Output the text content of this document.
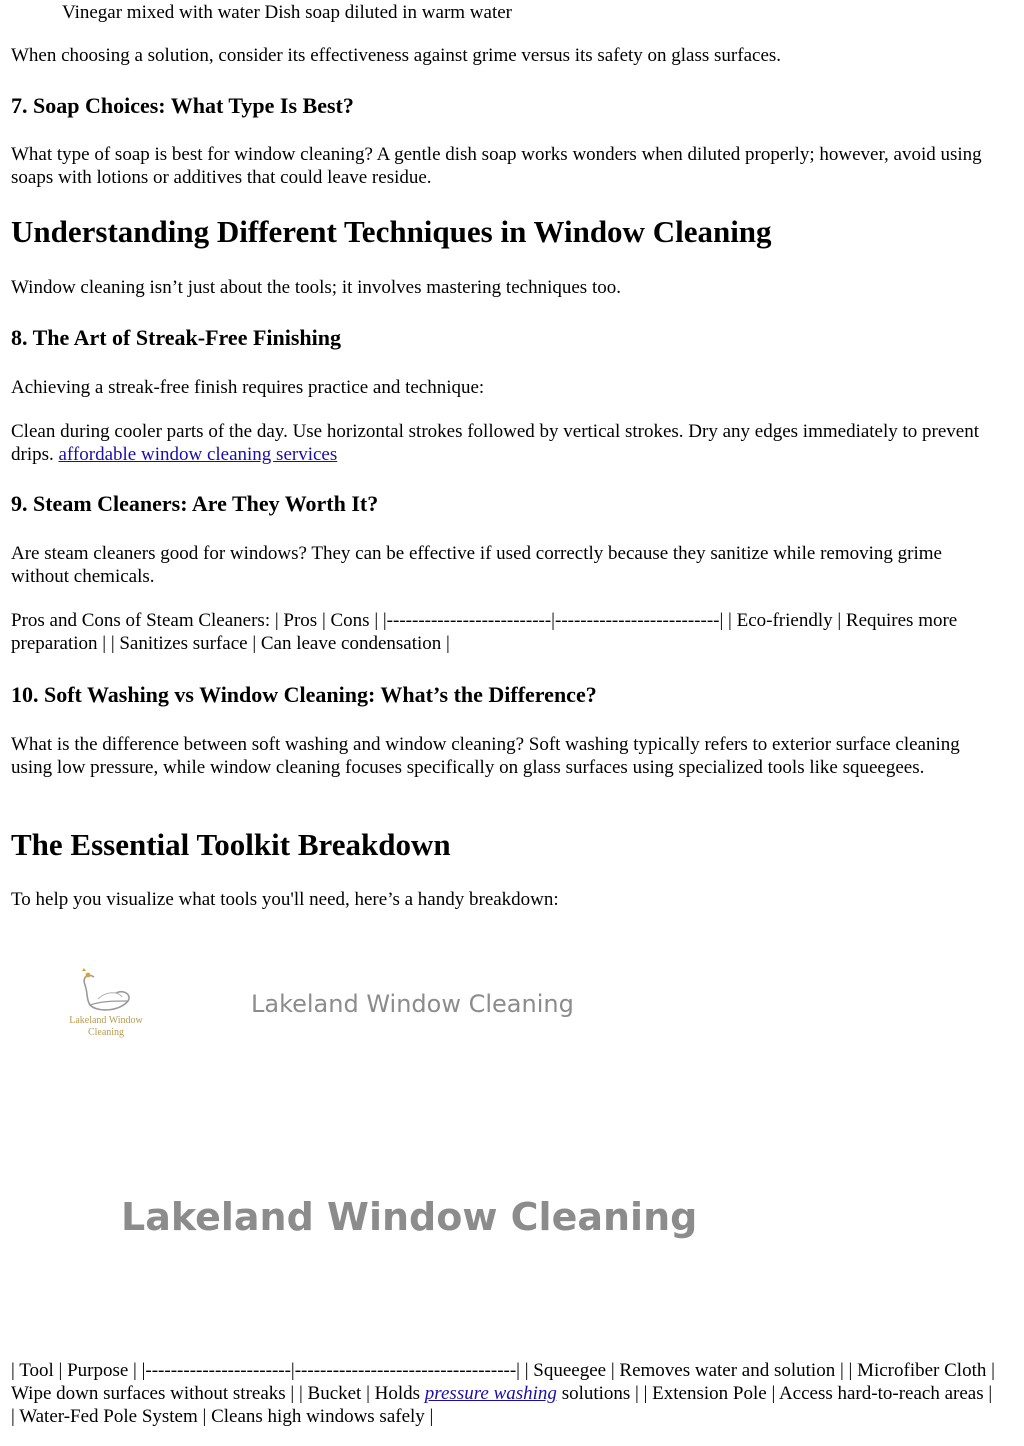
Vinegar mixed with water Dish soap diluted in warm water

When choosing a solution, consider its effectiveness against grime versus its safety on glass surfaces.

7. Soap Choices: What Type Is Best?

What type of soap is best for window cleaning? A gentle dish soap works wonders when diluted properly; however, avoid using soaps with lotions or additives that could leave residue.

Understanding Different Techniques in Window Cleaning

Window cleaning isn’t just about the tools; it involves mastering techniques too.

8. The Art of Streak-Free Finishing

Achieving a streak-free finish requires practice and technique:

Clean during cooler parts of the day. Use horizontal strokes followed by vertical strokes. Dry any edges immediately to prevent drips. affordable window cleaning services

9. Steam Cleaners: Are They Worth It?

Are steam cleaners good for windows? They can be effective if used correctly because they sanitize while removing grime without chemicals.

Pros and Cons of Steam Cleaners: | Pros | Cons | |--------------------------|--------------------------| | Eco-friendly | Requires more preparation | | Sanitizes surface | Can leave condensation |

10. Soft Washing vs Window Cleaning: What’s the Difference?

What is the difference between soft washing and window cleaning? Soft washing typically refers to exterior surface cleaning using low pressure, while window cleaning focuses specifically on glass surfaces using specialized tools like squeegees.

The Essential Toolkit Breakdown

To help you visualize what tools you'll need, here’s a handy breakdown:

Lakeland Window Cleaning
Lakeland Window Cleaning
Lakeland Window Cleaning

| Tool | Purpose | |-----------------------|-----------------------------------| | Squeegee | Removes water and solution | | Microfiber Cloth | Wipe down surfaces without streaks | | Bucket | Holds pressure washing solutions | | Extension Pole | Access hard-to-reach areas | | Water-Fed Pole System | Cleans high windows safely |
